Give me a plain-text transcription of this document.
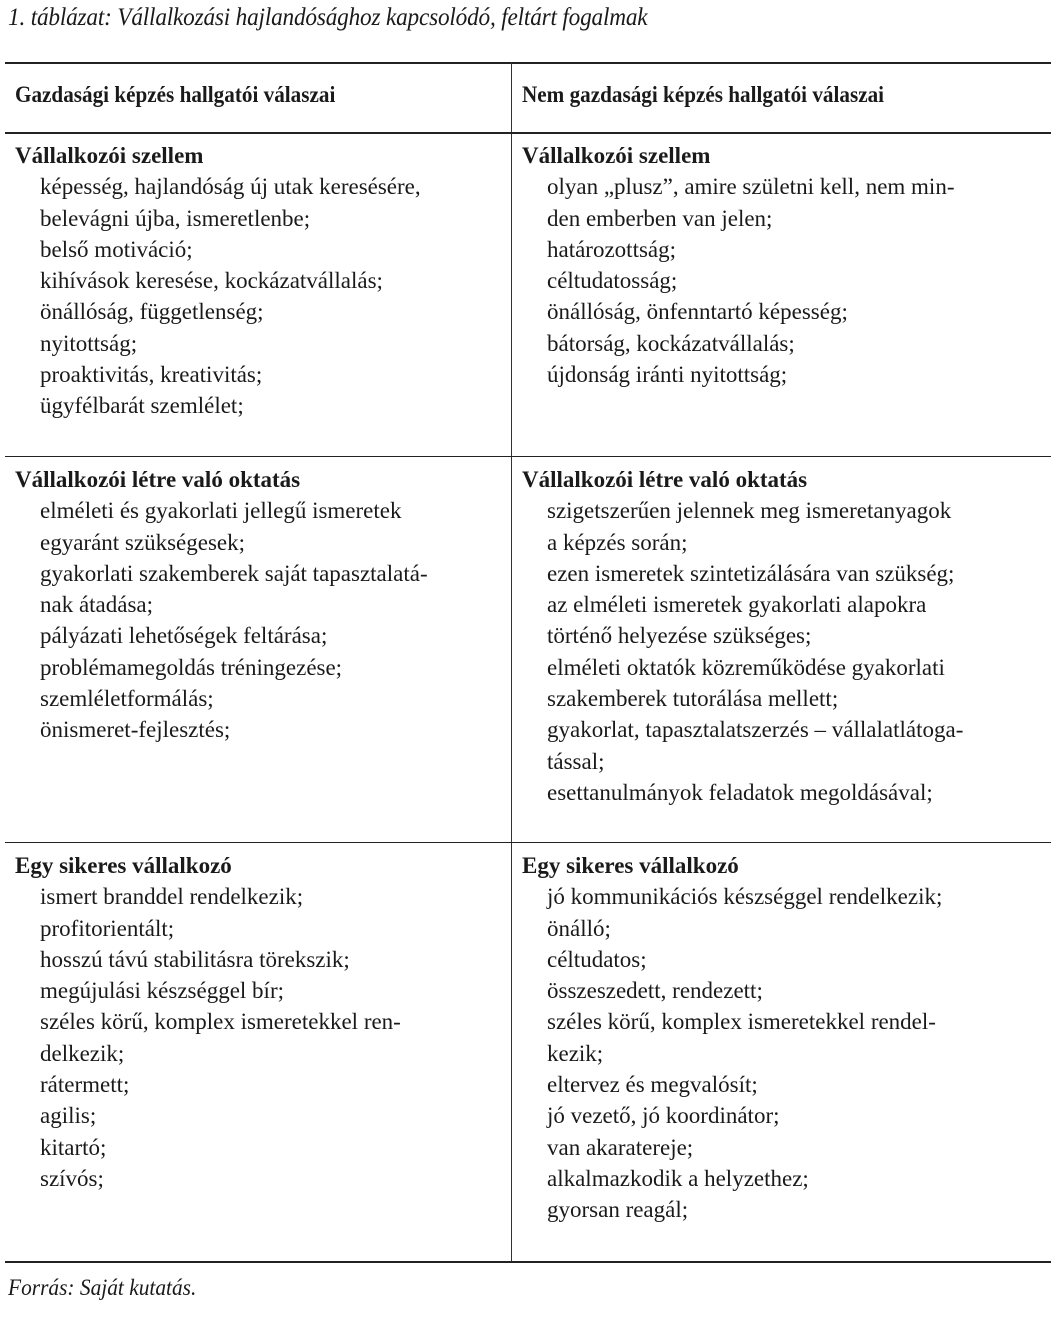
1. táblázat: Vállalkozási hajlandósághoz kapcsolódó, feltárt fogalmak
Gazdasági képzés hallgatói válaszai	Nem gazdasági képzés hallgatói válaszai
Vállalkozói szellem
képesség, hajlandóság új utak keresésére,
belevágni újba, ismeretlenbe;
belső motiváció;
kihívások keresése, kockázatvállalás;
önállóság, függetlenség;
nyitottság;
proaktivitás, kreativitás;
ügyfélbarát szemlélet;
Vállalkozói szellem
olyan „plusz”, amire születni kell, nem min-
den emberben van jelen;
határozottság;
céltudatosság;
önállóság, önfenntartó képesség;
bátorság, kockázatvállalás;
újdonság iránti nyitottság;
Vállalkozói létre való oktatás
elméleti és gyakorlati jellegű ismeretek
egyaránt szükségesek;
gyakorlati szakemberek saját tapasztalatá-
nak átadása;
pályázati lehetőségek feltárása;
problémamegoldás tréningezése;
szemléletformálás;
önismeret-fejlesztés;
Vállalkozói létre való oktatás
szigetszerűen jelennek meg ismeretanyagok
a képzés során;
ezen ismeretek szintetizálására van szükség;
az elméleti ismeretek gyakorlati alapokra
történő helyezése szükséges;
elméleti oktatók közreműködése gyakorlati
szakemberek tutorálása mellett;
gyakorlat, tapasztalatszerzés – vállalatlátoga-
tással;
esettanulmányok feladatok megoldásával;
Egy sikeres vállalkozó
ismert branddel rendelkezik;
profitorientált;
hosszú távú stabilitásra törekszik;
megújulási készséggel bír;
széles körű, komplex ismeretekkel ren-
delkezik;
rátermett;
agilis;
kitartó;
szívós;
Egy sikeres vállalkozó
jó kommunikációs készséggel rendelkezik;
önálló;
céltudatos;
összeszedett, rendezett;
széles körű, komplex ismeretekkel rendel-
kezik;
eltervez és megvalósít;
jó vezető, jó koordinátor;
van akaratereje;
alkalmazkodik a helyzethez;
gyorsan reagál;
Forrás: Saját kutatás.
